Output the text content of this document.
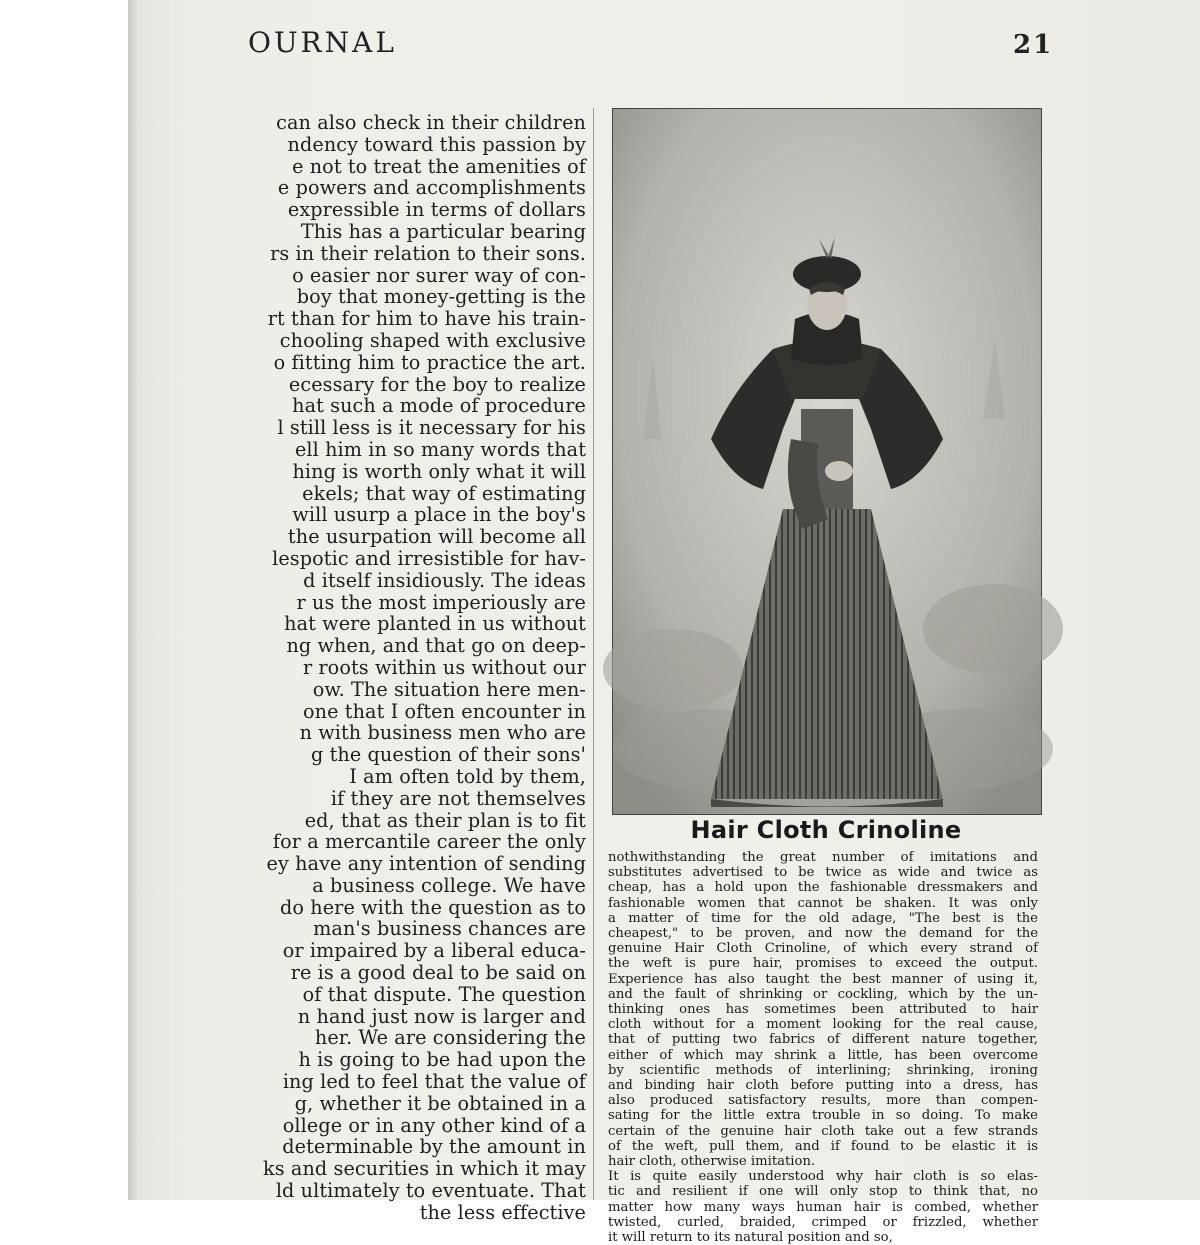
OURNAL	21
can also check in their children
ndency toward this passion by
e not to treat the amenities of
e powers and accomplishments
expressible in terms of dollars
This has a particular bearing
rs in their relation to their sons.
o easier nor surer way of con-
boy that money-getting is the
rt than for him to have his train-
chooling shaped with exclusive
o fitting him to practice the art.
ecessary for the boy to realize
hat such a mode of procedure
l still less is it necessary for his
ell him in so many words that
hing is worth only what it will
ekels; that way of estimating
will usurp a place in the boy's
the usurpation will become all
lespotic and irresistible for hav-
d itself insidiously. The ideas
r us the most imperiously are
hat were planted in us without
ng when, and that go on deep-
r roots within us without our
ow. The situation here men-
one that I often encounter in
n with business men who are
g the question of their sons'
I am often told by them,
if they are not themselves
ed, that as their plan is to fit
for a mercantile career the only
ey have any intention of sending
a business college. We have
do here with the question as to
man's business chances are
or impaired by a liberal educa-
re is a good deal to be said on
of that dispute. The question
n hand just now is larger and
her. We are considering the
h is going to be had upon the
ing led to feel that the value of
g, whether it be obtained in a
ollege or in any other kind of a
determinable by the amount in
ks and securities in which it may
ld ultimately to eventuate. That
the less effective
Hair Cloth Crinoline
nothwithstanding the great number of imitations and
substitutes advertised to be twice as wide and twice as
cheap, has a hold upon the fashionable dressmakers and
fashionable women that cannot be shaken. It was only
a matter of time for the old adage, "The best is the
cheapest," to be proven, and now the demand for the
genuine Hair Cloth Crinoline, of which every strand of
the weft is pure hair, promises to exceed the output.
Experience has also taught the best manner of using it,
and the fault of shrinking or cockling, which by the un-
thinking ones has sometimes been attributed to hair
cloth without for a moment looking for the real cause,
that of putting two fabrics of different nature together,
either of which may shrink a little, has been overcome
by scientific methods of interlining; shrinking, ironing
and binding hair cloth before putting into a dress, has
also produced satisfactory results, more than compen-
sating for the little extra trouble in so doing. To make
certain of the genuine hair cloth take out a few strands
of the weft, pull them, and if found to be elastic it is
hair cloth, otherwise imitation.
It is quite easily understood why hair cloth is so elas-
tic and resilient if one will only stop to think that, no
matter how many ways human hair is combed, whether
twisted, curled, braided, crimped or frizzled, whether
it will return to its natural position and so,
